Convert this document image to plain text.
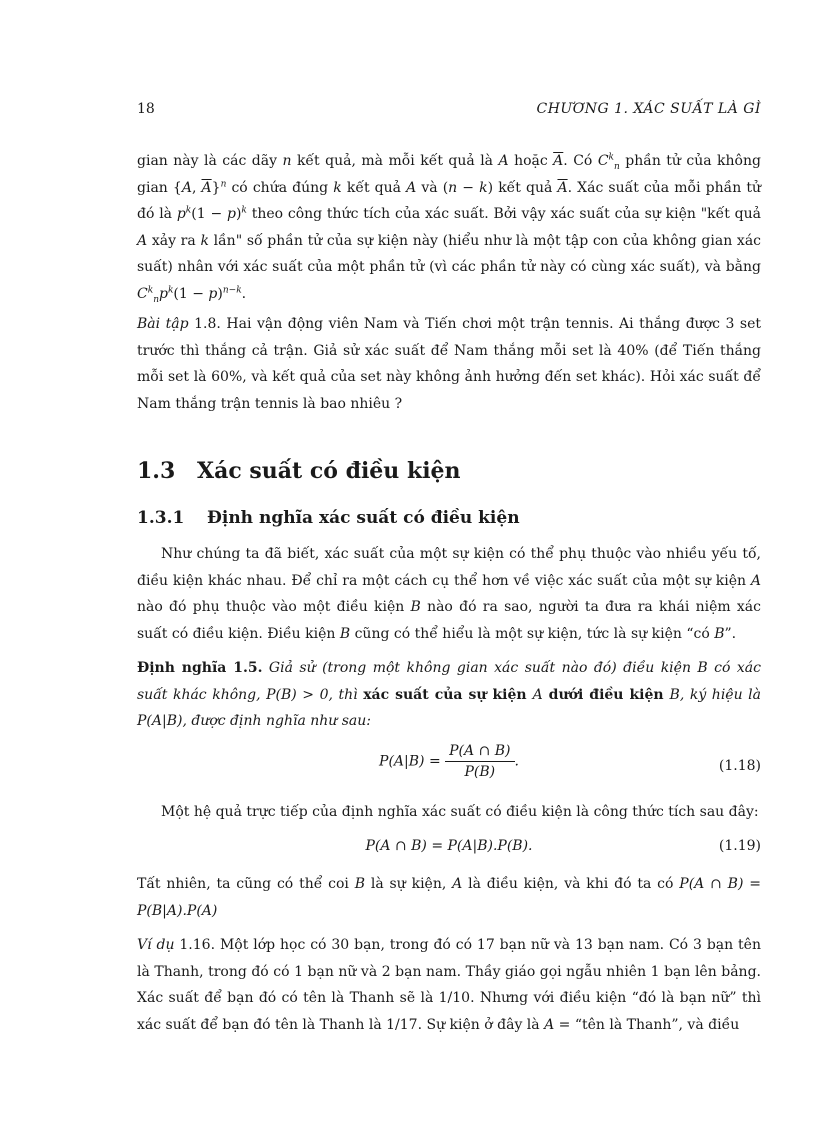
18	CHƯƠNG 1. XÁC SUẤT LÀ GÌ

gian này là các dãy n kết quả, mà mỗi kết quả là A hoặc $\overline{A}$. Có $C^k_n$ phần tử của không gian {A, $\overline{A}\}^n$ có chứa đúng k kết quả A và (n − k) kết quả $\overline{A}$. Xác suất của mỗi phần tử đó là $p^k(1 - p)^k$ theo công thức tích của xác suất. Bởi vậy xác suất của sự kiện "kết quả A xảy ra k lần" số phần tử của sự kiện này (hiểu như là một tập con của không gian xác suất) nhân với xác suất của một phần tử (vì các phần tử này có cùng xác suất), và bằng $C^k_np^k(1 - p)^{n-k}$.

Bài tập 1.8. Hai vận động viên Nam và Tiến chơi một trận tennis. Ai thắng được 3 set trước thì thắng cả trận. Giả sử xác suất để Nam thắng mỗi set là 40% (để Tiến thắng mỗi set là 60%, và kết quả của set này không ảnh hưởng đến set khác). Hỏi xác suất để Nam thắng trận tennis là bao nhiêu ?

1.3 Xác suất có điều kiện

1.3.1 Định nghĩa xác suất có điều kiện

Như chúng ta đã biết, xác suất của một sự kiện có thể phụ thuộc vào nhiều yếu tố, điều kiện khác nhau. Để chỉ ra một cách cụ thể hơn về việc xác suất của một sự kiện A nào đó phụ thuộc vào một điều kiện B nào đó ra sao, người ta đưa ra khái niệm xác suất có điều kiện. Điều kiện B cũng có thể hiểu là một sự kiện, tức là sự kiện “có B”.

Định nghĩa 1.5. Giả sử (trong một không gian xác suất nào đó) điều kiện B có xác suất khác không, P(B) > 0, thì xác suất của sự kiện A dưới điều kiện B, ký hiệu là P(A|B), được định nghĩa như sau:

$P(A|B) = \frac{P(A \cap B)}{P(B)}$ .	(1.18)

Một hệ quả trực tiếp của định nghĩa xác suất có điều kiện là công thức tích sau đây:

P(A ∩ B) = P(A|B).P(B).	(1.19)

Tất nhiên, ta cũng có thể coi B là sự kiện, A là điều kiện, và khi đó ta có P(A ∩ B) = P(B|A).P(A)

Ví dụ 1.16. Một lớp học có 30 bạn, trong đó có 17 bạn nữ và 13 bạn nam. Có 3 bạn tên là Thanh, trong đó có 1 bạn nữ và 2 bạn nam. Thầy giáo gọi ngẫu nhiên 1 bạn lên bảng. Xác suất để bạn đó có tên là Thanh sẽ là 1/10. Nhưng với điều kiện “đó là bạn nữ” thì xác suất để bạn đó tên là Thanh là 1/17. Sự kiện ở đây là A = “tên là Thanh”, và điều
